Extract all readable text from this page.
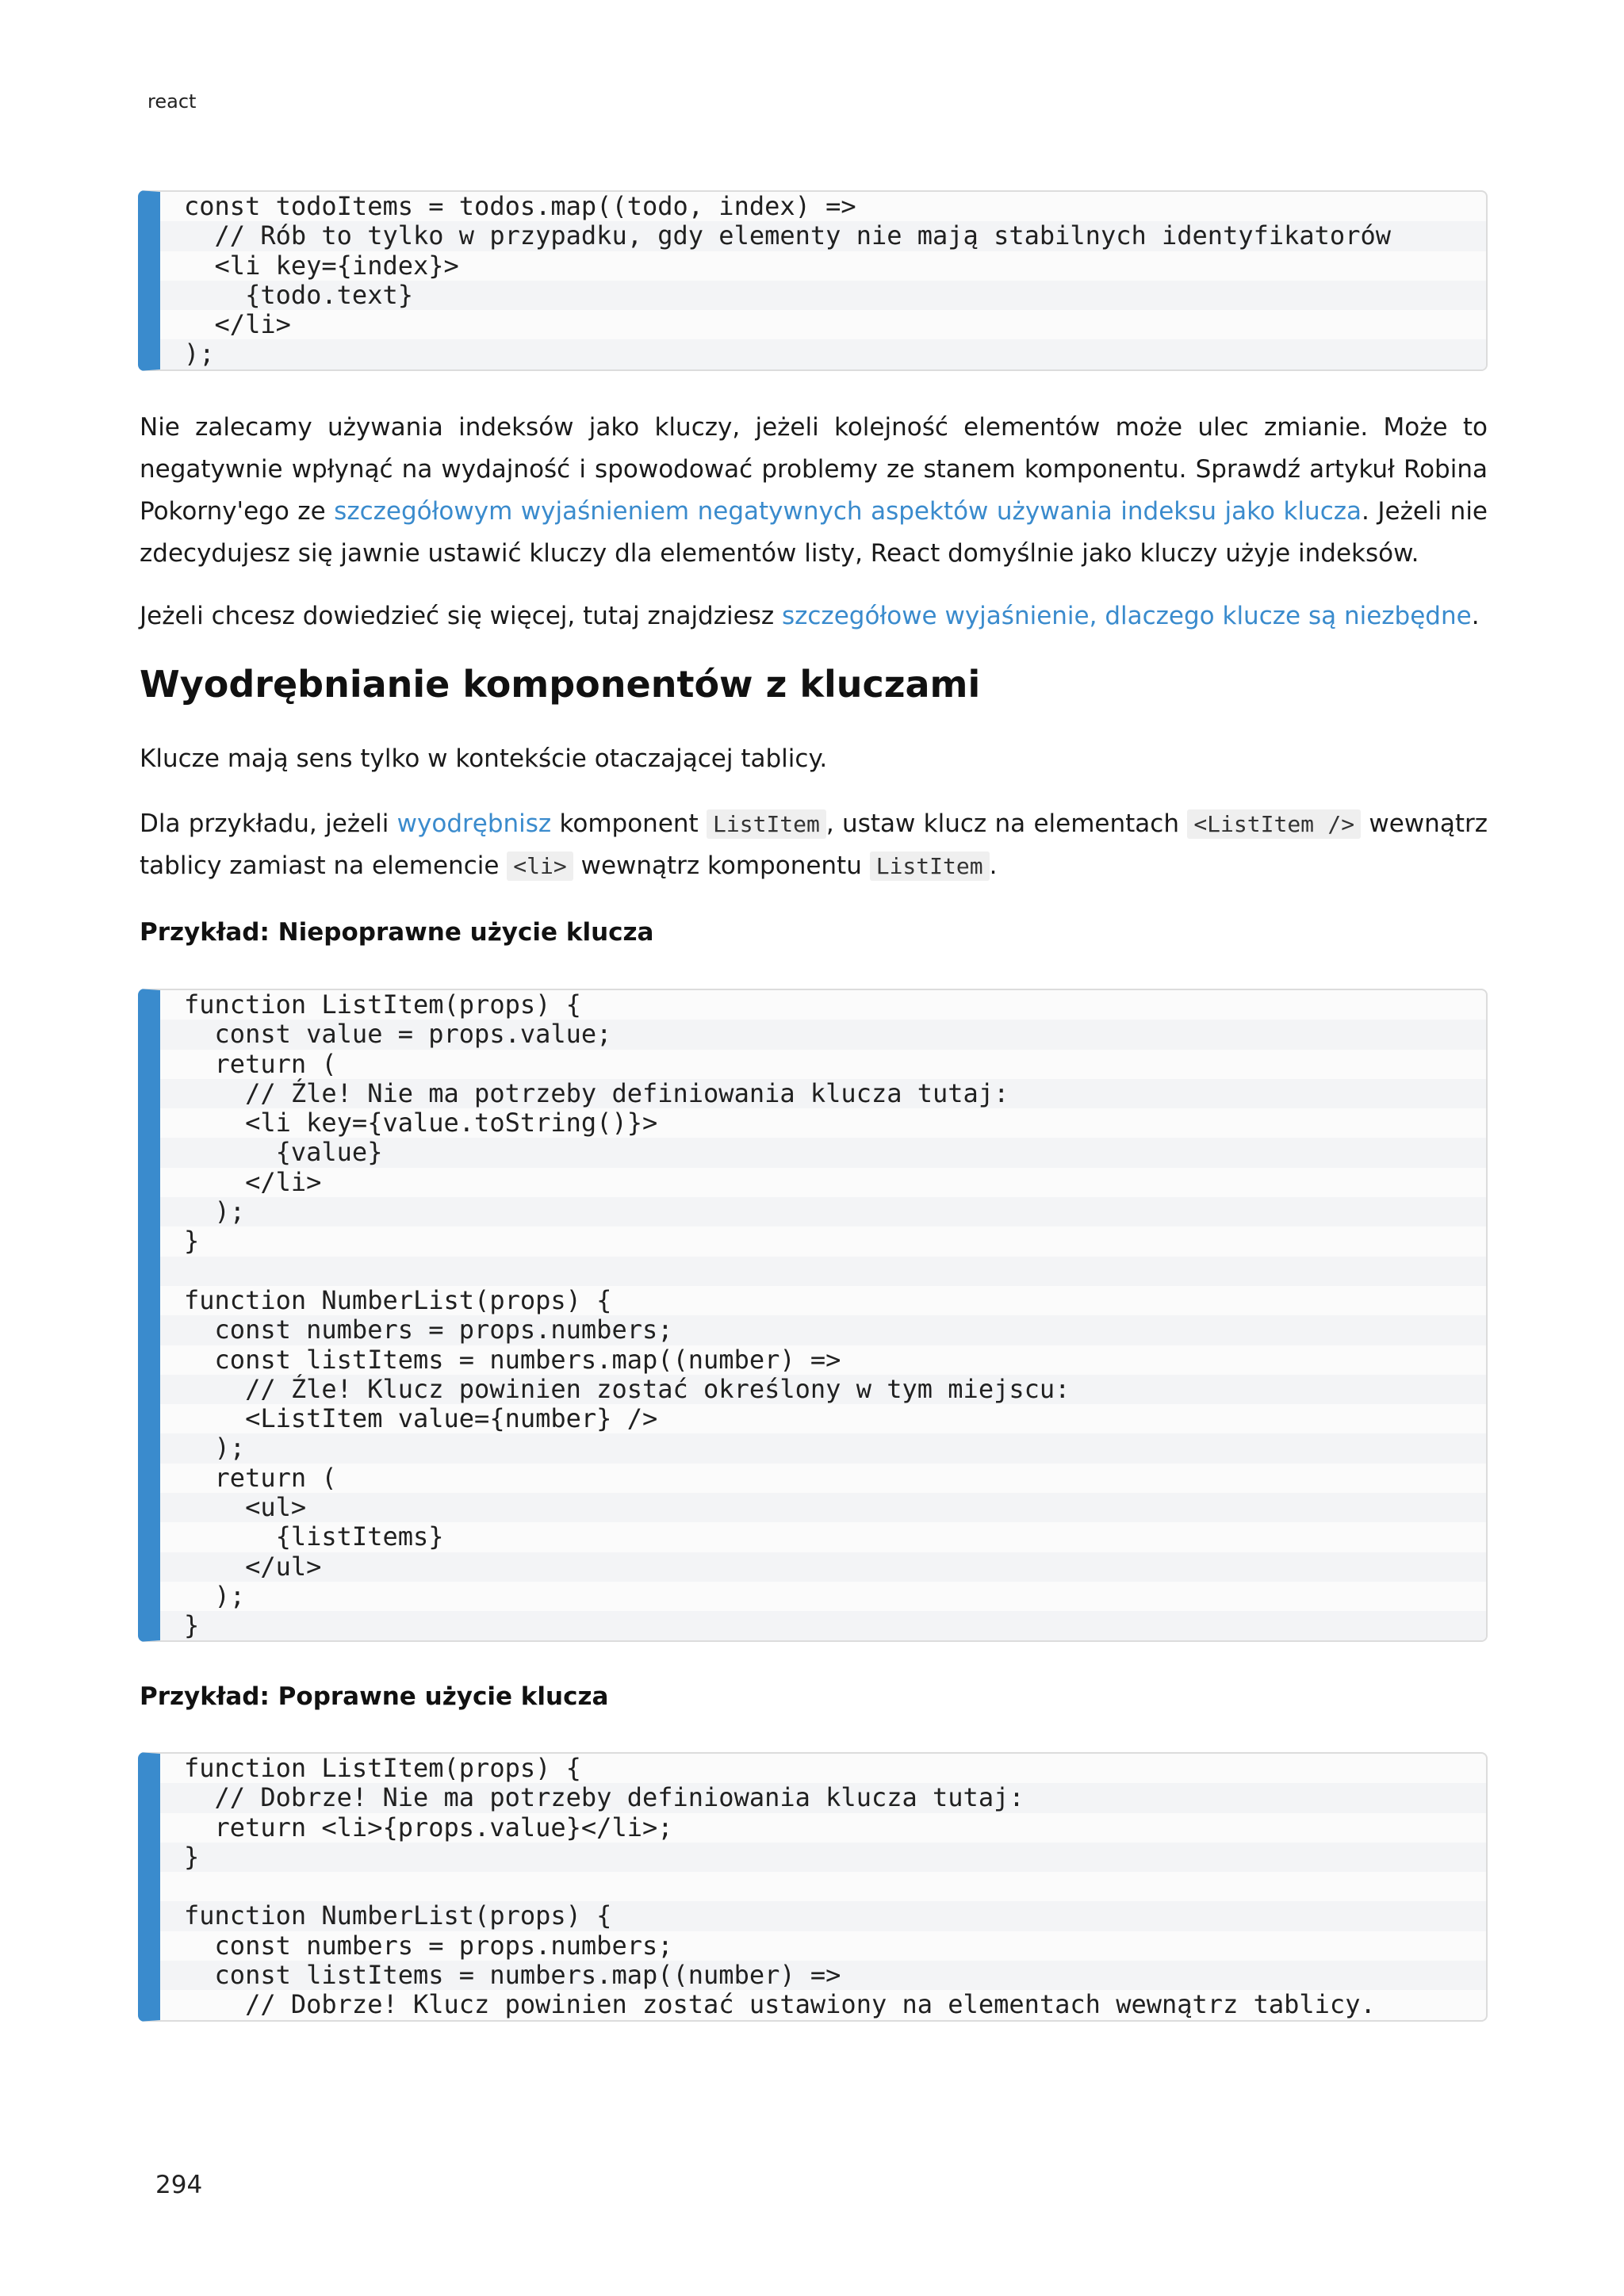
react
const todoItems = todos.map((todo, index) =>
// Rób to tylko w przypadku, gdy elementy nie mają stabilnych identyfikatorów
<li key={index}>
{todo.text}
</li>
);

Nie zalecamy używania indeksów jako kluczy, jeżeli kolejność elementów może ulec zmianie. Może to negatywnie wpłynąć na wydajność i spowodować problemy ze stanem komponentu. Sprawdź artykuł Robina Pokorny'ego ze szczegółowym wyjaśnieniem negatywnych aspektów używania indeksu jako klucza. Jeżeli nie zdecydujesz się jawnie ustawić kluczy dla elementów listy, React domyślnie jako kluczy użyje indeksów.

Jeżeli chcesz dowiedzieć się więcej, tutaj znajdziesz szczegółowe wyjaśnienie, dlaczego klucze są niezbędne.

Wyodrębnianie komponentów z kluczami

Klucze mają sens tylko w kontekście otaczającej tablicy.

Dla przykładu, jeżeli wyodrębnisz komponent ListItem , ustaw klucz na elementach <ListItem /> wewnątrz tablicy zamiast na elemencie <li> wewnątrz komponentu ListItem .

Przykład: Niepoprawne użycie klucza
function ListItem(props) {
const value = props.value;
return (
// Źle! Nie ma potrzeby definiowania klucza tutaj:
<li key={value.toString()}>
{value}
</li>
);
}

function NumberList(props) {
const numbers = props.numbers;
const listItems = numbers.map((number) =>
// Źle! Klucz powinien zostać określony w tym miejscu:
<ListItem value={number} />
);
return (
<ul>
{listItems}
</ul>
);
}
Przykład: Poprawne użycie klucza
function ListItem(props) {
// Dobrze! Nie ma potrzeby definiowania klucza tutaj:
return <li>{props.value}</li>;
}

function NumberList(props) {
const numbers = props.numbers;
const listItems = numbers.map((number) =>
// Dobrze! Klucz powinien zostać ustawiony na elementach wewnątrz tablicy.
294
